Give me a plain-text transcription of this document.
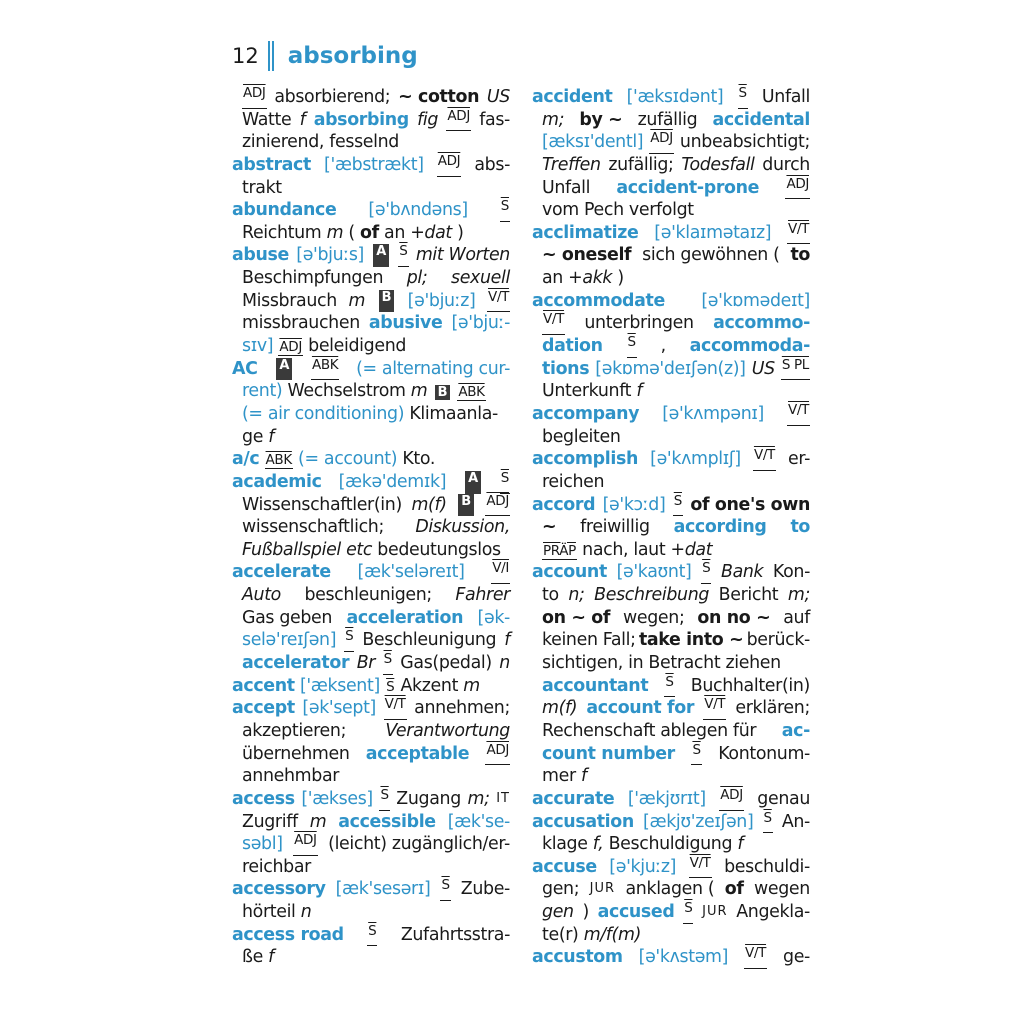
12 absorbing
$\overline{ADJ}$ absorbierend; ~ cotton US
Watte f absorbing fig $\overline{ADJ}$ fas-
zinierend, fesselnd
abstract ['æbstrækt] $\overline{ADJ}$ abs-
trakt
abundance [ə'bʌndəns] $\overline{S}$
Reichtum m ( of an +dat )
abuse [ə'bjuːs] A $\overline{S}$ mit Worten
Beschimpfungen pl; sexuell
Missbrauch m B [ə'bjuːz] V/T
missbrauchen abusive [ə'bjuː-
sɪv] $\overline{ADJ}$ beleidigend
AC A $\overline{ABK}$ (= alternating cur-
rent) Wechselstrom m B $\overline{ABK}$
(= air conditioning) Klimaanla-
ge f
a/c $\overline{ABK}$ (= account) Kto.
academic [ækə'demɪk] A $\overline{S}$
Wissenschaftler(in) m(f) B $\overline{ADJ}$
wissenschaftlich; Diskussion,
Fußballspiel etc bedeutungslos
accelerate [æk'seləreɪt] V/I
Auto beschleunigen; Fahrer
Gas geben acceleration [ək-
selə'reɪʃən] $\overline{S}$ Beschleunigung f
accelerator Br $\overline{S}$ Gas(pedal) n
accent ['æksent] $\overline{S}$ Akzent m
accept [ək'sept] V/T annehmen;
akzeptieren; Verantwortung
übernehmen acceptable $\overline{ADJ}$
annehmbar
access ['ækses] $\overline{S}$ Zugang m; IT
Zugriff m accessible [æk'se-
səbl] $\overline{ADJ}$ (leicht) zugänglich/er-
reichbar
accessory [æk'sesərɪ] $\overline{S}$ Zube-
hörteil n
access road $\overline{S}$ Zufahrtsstra-
ße f
accident ['æksɪdənt] $\overline{S}$ Unfall
m; by ~ zufällig accidental
[æksɪ'dentl] $\overline{ADJ}$ unbeabsichtigt;
Treffen zufällig; Todesfall durch
Unfall accident-prone $\overline{ADJ}$
vom Pech verfolgt
acclimatize [ə'klaɪmətaɪz] V/T
~ oneself sich gewöhnen ( to
an +akk )
accommodate [ə'kɒmədeɪt]
V/T unterbringen accommo-
dation $\overline{S}$ , accommoda-
tions [əkɒmə'deɪʃən(z)] US S PL
Unterkunft f
accompany [ə'kʌmpənɪ] V/T
begleiten
accomplish [ə'kʌmplɪʃ] V/T er-
reichen
accord [ə'kɔːd] $\overline{S}$ of one's own
~ freiwillig according to
PRÄP nach, laut +dat
account [ə'kaʊnt] $\overline{S}$ Bank Kon-
to n; Beschreibung Bericht m;
on ~ of wegen; on no ~ auf
keinen Fall; take into ~ berück-
sichtigen, in Betracht ziehen
accountant $\overline{S}$ Buchhalter(in)
m(f) account for V/T erklären;
Rechenschaft ablegen für ac-
count number $\overline{S}$ Kontonum-
mer f
accurate ['ækjʊrɪt] $\overline{ADJ}$ genau
accusation [ækjʊ'zeɪʃən] $\overline{S}$ An-
klage f, Beschuldigung f
accuse [ə'kjuːz] V/T beschuldi-
gen; JUR anklagen ( of wegen
gen ) accused $\overline{S}$ JUR Angekla-
te(r) m/f(m)
accustom [ə'kʌstəm] V/T ge-
